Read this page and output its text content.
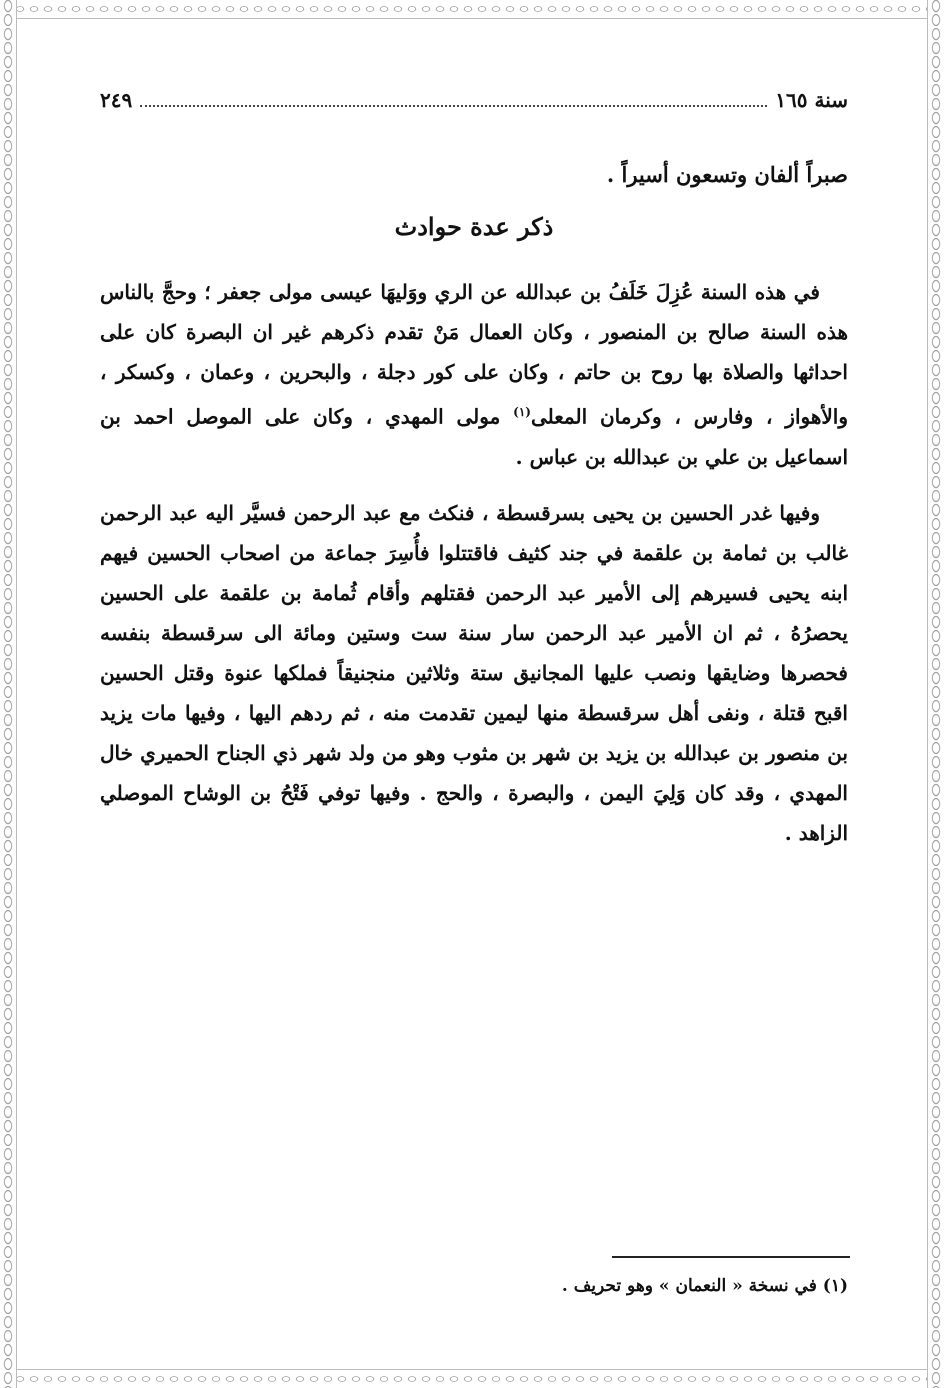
سنة ١٦٥
٢٤٩
صبراً ألفان وتسعون أسيراً .
ذكر عدة حوادث

في هذه السنة عُزِلَ خَلَفُ بن عبدالله عن الري ووَليهَا عيسى مولى جعفر ؛ وحجَّ بالناس هذه السنة صالح بن المنصور ، وكان العمال مَنْ تقدم ذكرهم غير ان البصرة كان على احداثها والصلاة بها روح بن حاتم ، وكان على كور دجلة ، والبحرين ، وعمان ، وكسكر ، والأهواز ، وفارس ، وكرمان المعلى$^{(١)}$ مولى المهدي ، وكان على الموصل احمد بن اسماعيل بن علي بن عبدالله بن عباس .

وفيها غدر الحسين بن يحيى بسرقسطة ، فنكث مع عبد الرحمن فسيَّر اليه عبد الرحمن غالب بن ثمامة بن علقمة في جند كثيف فاقتتلوا فأُسِرَ جماعة من اصحاب الحسين فيهم ابنه يحيى فسيرهم إلى الأمير عبد الرحمن فقتلهم وأقام ثُمامة بن علقمة على الحسين يحصرُهُ ، ثم ان الأمير عبد الرحمن سار سنة ست وستين ومائة الى سرقسطة بنفسه فحصرها وضايقها ونصب عليها المجانيق ستة وثلاثين منجنيقاً فملكها عنوة وقتل الحسين اقبح قتلة ، ونفى أهل سرقسطة منها ليمين تقدمت منه ، ثم ردهم اليها ، وفيها مات يزيد بن منصور بن عبدالله بن يزيد بن شهر بن مثوب وهو من ولد شهر ذي الجناح الحميري خال المهدي ، وقد كان وَلِيَ اليمن ، والبصرة ، والحج . وفيها توفي فَتْحُ بن الوشاح الموصلي الزاهد .

(١) في نسخة « النعمان » وهو تحريف .
